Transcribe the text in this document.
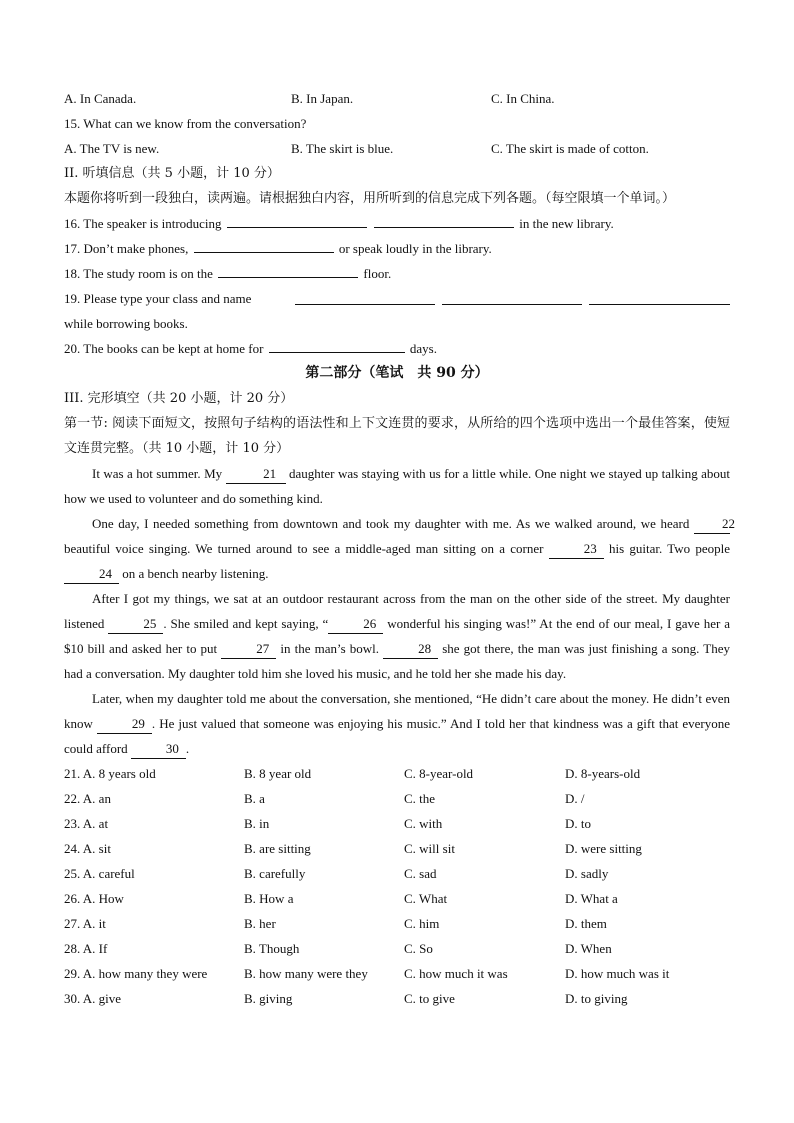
A. In Canada.	B. In Japan.	C. In China.
15. What can we know from the conversation?
A. The TV is new.	B. The skirt is blue.	C. The skirt is made of cotton.
II. 听填信息（共 5 小题，计 10 分）
本题你将听到一段独白，读两遍。请根据独白内容，用所听到的信息完成下列各题。（每空限填一个单词。）
16. The speaker is introducing	in the new library.
17. Don’t make phones,	or speak loudly in the library.
18. The study room is on the	floor.
19. Please type your class and name
while borrowing books.
20. The books can be kept at home for	days.
第二部分（笔试　共 90 分）
III. 完形填空（共 20 小题，计 20 分）

第一节: 阅读下面短文，按照句子结构的语法性和上下文连贯的要求，从所给的四个选项中选出一个最佳答案，使短文连贯完整。（共 10 小题，计 10 分）

It was a hot summer. My	21 daughter was staying with us for a little while. One night we stayed up talking about how we used to volunteer and do something kind.

One day, I needed something from downtown and took my daughter with me. As we walked around, we heard	22 beautiful voice singing. We turned around to see a middle-aged man sitting on a corner	23 his guitar. Two people 24 on a bench nearby listening.

After I got my things, we sat at an outdoor restaurant across from the man on the other side of the street. My daughter listened	25 . She smiled and kept saying, “	26 wonderful his singing was!” At the end of our meal, I gave her a $10 bill and asked her to put	27 in the man’s bowl.	28 she got there, the man was just finishing a song. They had a conversation. My daughter told him she loved his music, and he told her she made his day.

Later, when my daughter told me about the conversation, she mentioned, “He didn’t care about the money. He didn’t even know	29 . He just valued that someone was enjoying his music.” And I told her that kindness was a gift that everyone could afford	30 .

21. A. 8 years old	B. 8 year old	C. 8-year-old	D. 8-years-old
22. A. an	B. a	C. the	D. /
23. A. at	B. in	C. with	D. to
24. A. sit	B. are sitting	C. will sit	D. were sitting
25. A. careful	B. carefully	C. sad	D. sadly
26. A. How	B. How a	C. What	D. What a
27. A. it	B. her	C. him	D. them
28. A. If	B. Though	C. So	D. When
29. A. how many they were	B. how many were they	C. how much it was	D. how much was it
30. A. give	B. giving	C. to give	D. to giving
